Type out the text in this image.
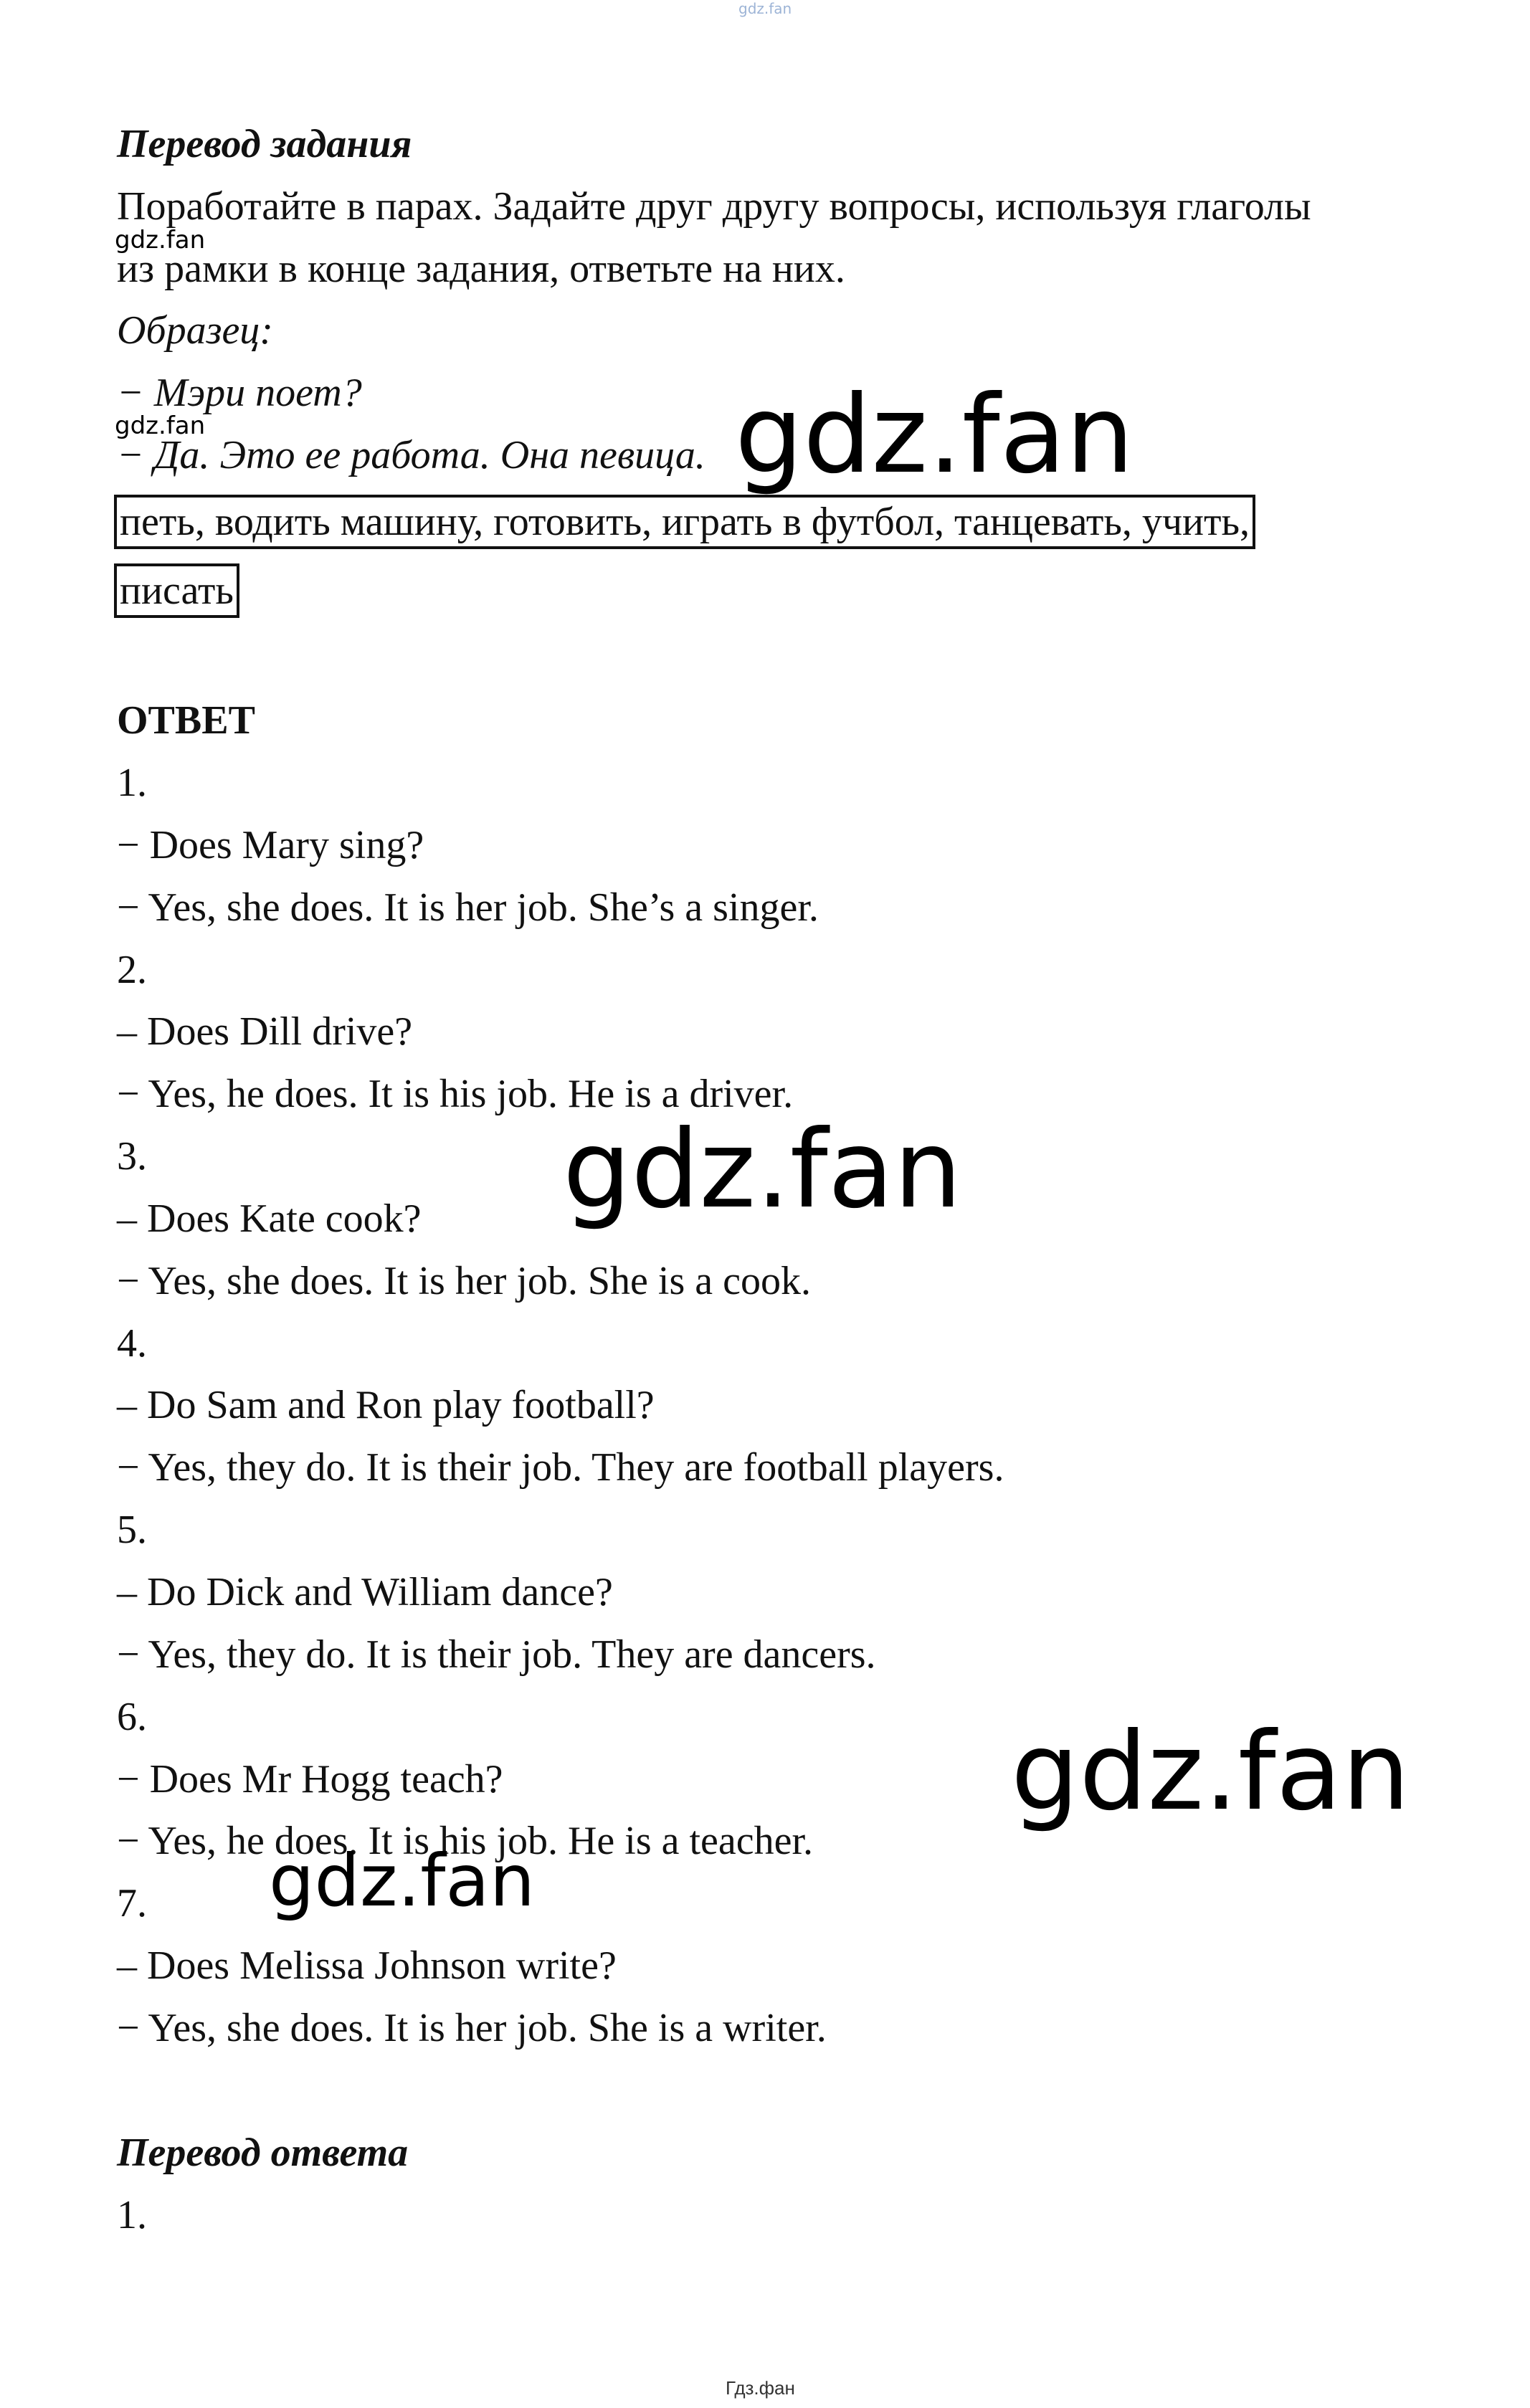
gdz.fan
Перевод задания
Поработайте в парах. Задайте друг другу вопросы, используя глаголы
gdz.fan
из рамки в конце задания, ответьте на них.
Образец:
− Мэри поет?
gdz.fan
− Да. Это ее работа. Она певица. gdz.fan
петь, водить машину, готовить, играть в футбол, танцевать, учить,
писать
ОТВЕТ
1.
− Does Mary sing?
− Yes, she does. It is her job. She’s a singer.
2.
– Does Dill drive?
− Yes, he does. It is his job. He is a driver.
3.	gdz.fan
– Does Kate cook?
− Yes, she does. It is her job. She is a cook.
4.
– Do Sam and Ron play football?
− Yes, they do. It is their job. They are football players.
5.
– Do Dick and William dance?
− Yes, they do. It is their job. They are dancers.
6.
− Does Mr Hogg teach?	gdz.fan
− Yes, he does. It is his job. He is a teacher.
7. gdz.fan
– Does Melissa Johnson write?
− Yes, she does. It is her job. She is a writer.
Перевод ответа
1.
Гдз.фан
